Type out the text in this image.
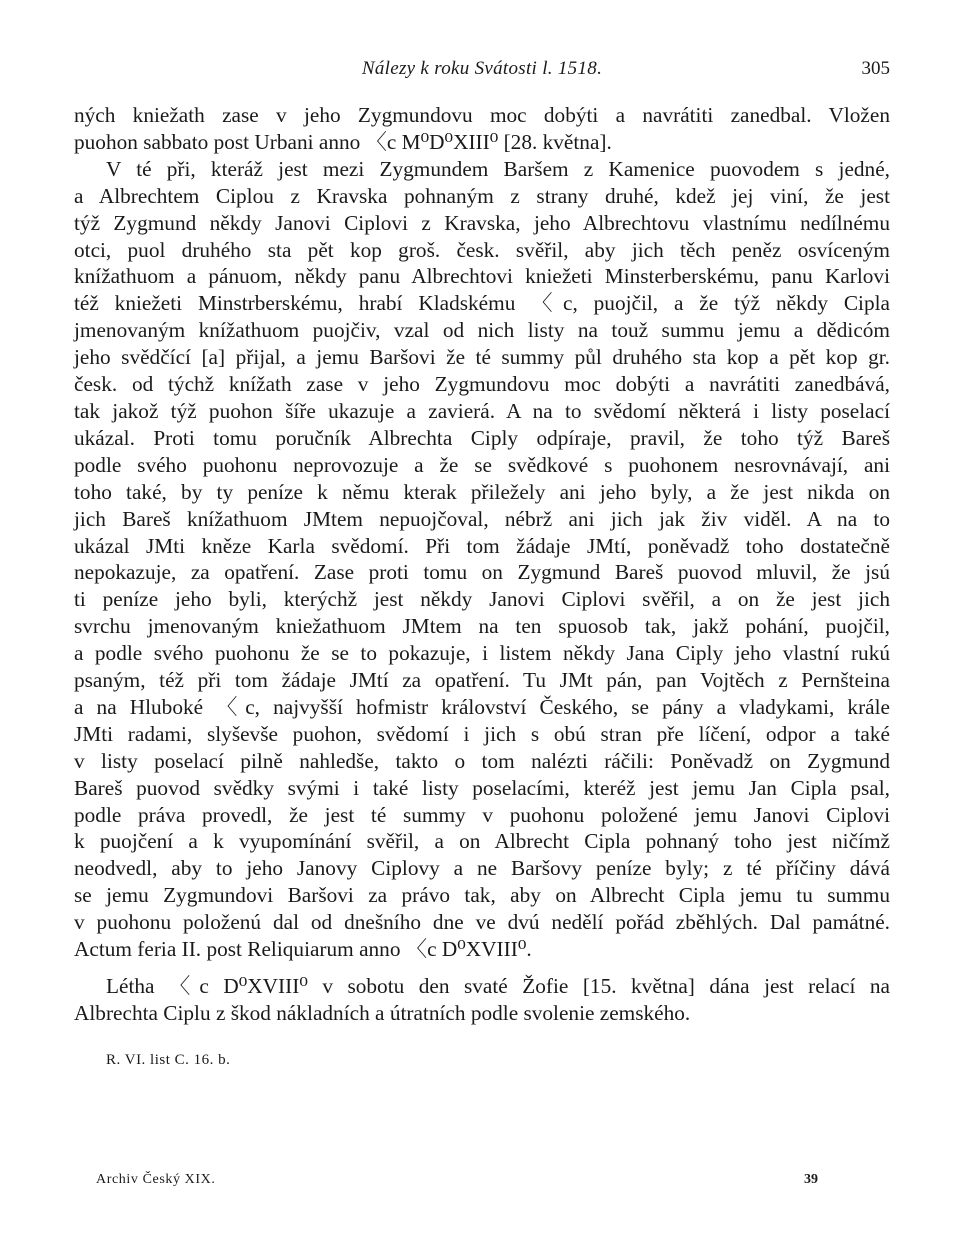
Nálezy k roku Svátosti l. 1518.	305

ných kniežath zase v jeho Zygmundovu moc dobýti a navrátiti zanedbal. Vložen
puohon sabbato post Urbani anno 〈c M⁰D⁰XIII⁰ [28. května].

V té při, kteráž jest mezi Zygmundem Baršem z Kamenice puovodem s jedné,
a Albrechtem Ciplou z Kravska pohnaným z strany druhé, kdež jej viní, že jest
týž Zygmund někdy Janovi Ciplovi z Kravska, jeho Albrechtovu vlastnímu nedílnému
otci, puol druhého sta pět kop groš. česk. svěřil, aby jich těch peněz osvíceným
knížathuom a pánuom, někdy panu Albrechtovi kniežeti Minsterberskému, panu Karlovi
též kniežeti Minstrberskému, hrabí Kladskému 〈c, puojčil, a že týž někdy Cipla
jmenovaným knížathuom puojčiv, vzal od nich listy na touž summu jemu a dědicóm
jeho svědčící [a] přijal, a jemu Baršovi že té summy půl druhého sta kop a pět kop gr.
česk. od týchž knížath zase v jeho Zygmundovu moc dobýti a navrátiti zanedbává,
tak jakož týž puohon šíře ukazuje a zavierá. A na to svědomí některá i listy poselací
ukázal. Proti tomu poručník Albrechta Ciply odpíraje, pravil, že toho týž Bareš
podle svého puohonu neprovozuje a že se svědkové s puohonem nesrovnávají, ani
toho také, by ty peníze k němu kterak přiležely ani jeho byly, a že jest nikda on
jich Bareš knížathuom JMtem nepuojčoval, nébrž ani jich jak živ viděl. A na to
ukázal JMti kněze Karla svědomí. Při tom žádaje JMtí, poněvadž toho dostatečně
nepokazuje, za opatření. Zase proti tomu on Zygmund Bareš puovod mluvil, že jsú
ti peníze jeho byli, kterýchž jest někdy Janovi Ciplovi svěřil, a on že jest jich
svrchu jmenovaným kniežathuom JMtem na ten spuosob tak, jakž pohání, puojčil,
a podle svého puohonu že se to pokazuje, i listem někdy Jana Ciply jeho vlastní rukú
psaným, též při tom žádaje JMtí za opatření. Tu JMt pán, pan Vojtěch z Pernšteina
a na Hluboké 〈c, najvyšší hofmistr království Českého, se pány a vladykami, krále
JMti radami, slyševše puohon, svědomí i jich s obú stran pře líčení, odpor a také
v listy poselací pilně nahledše, takto o tom nalézti ráčili: Poněvadž on Zygmund
Bareš puovod svědky svými i také listy poselacími, kteréž jest jemu Jan Cipla psal,
podle práva provedl, že jest té summy v puohonu položené jemu Janovi Ciplovi
k puojčení a k vyupomínání svěřil, a on Albrecht Cipla pohnaný toho jest ničímž
neodvedl, aby to jeho Janovy Ciplovy a ne Baršovy peníze byly; z té příčiny dává
se jemu Zygmundovi Baršovi za právo tak, aby on Albrecht Cipla jemu tu summu
v puohonu položenú dal od dnešního dne ve dvú nedělí pořád zběhlých. Dal památné.
Actum feria II. post Reliquiarum anno 〈c D⁰XVIII⁰.

Létha 〈c D⁰XVIII⁰ v sobotu den svaté Žofie [15. května] dána jest relací na
Albrechta Ciplu z škod nákladních a útratních podle svolenie zemského.

R. VI. list C. 16. b.
Archiv Český XIX.	39
